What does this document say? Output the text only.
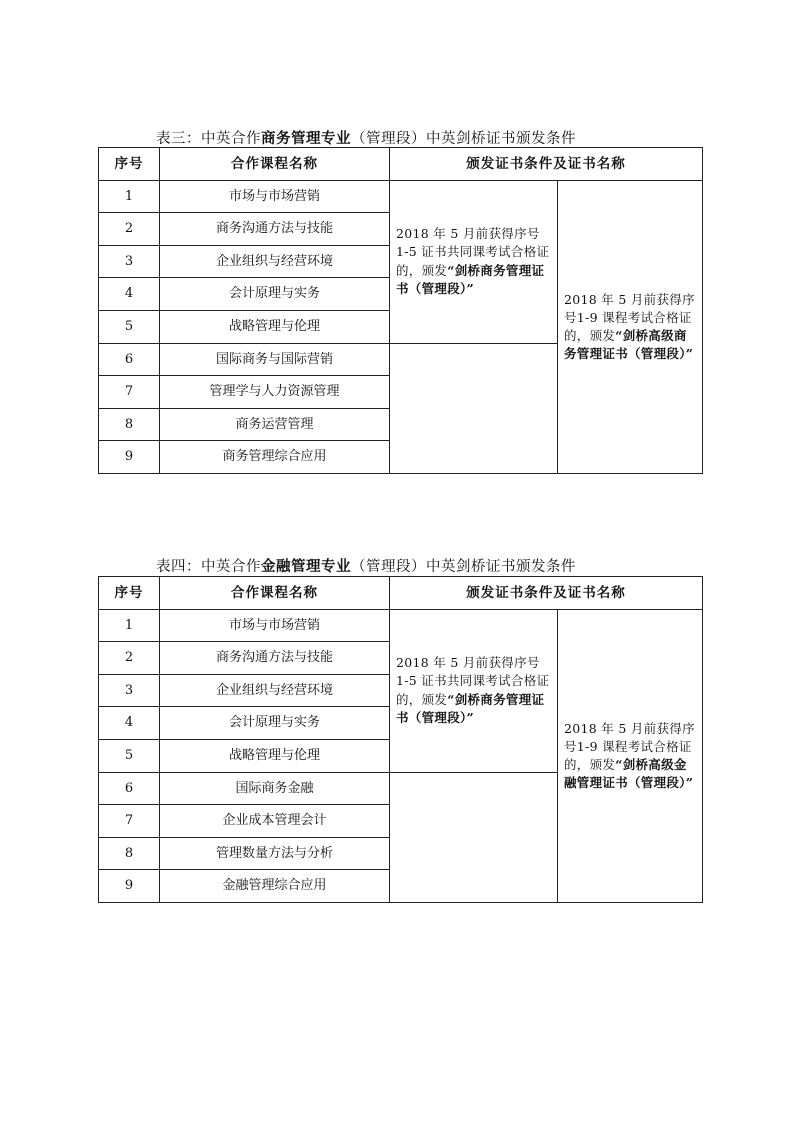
表三：中英合作商务管理专业（管理段）中英剑桥证书颁发条件
序号	合作课程名称	颁发证书条件及证书名称	
1	市场与市场营销	2018 年 5 月前获得序号1-5 证书共同课考试合格证的，颁发“剑桥商务管理证书（管理段）”	2018 年 5 月前获得序号1-9 课程考试合格证的，颁发“剑桥高级商务管理证书（管理段）”
2	商务沟通方法与技能		
3	企业组织与经营环境		
4	会计原理与实务		
5	战略管理与伦理		
6	国际商务与国际营销		
7	管理学与人力资源管理		
8	商务运营管理		
9	商务管理综合应用		
表四：中英合作金融管理专业（管理段）中英剑桥证书颁发条件
序号	合作课程名称	颁发证书条件及证书名称	
1	市场与市场营销	2018 年 5 月前获得序号1-5 证书共同课考试合格证的，颁发“剑桥商务管理证书（管理段）”	2018 年 5 月前获得序号1-9 课程考试合格证的，颁发“剑桥高级金融管理证书（管理段）”
2	商务沟通方法与技能		
3	企业组织与经营环境		
4	会计原理与实务		
5	战略管理与伦理		
6	国际商务金融		
7	企业成本管理会计		
8	管理数量方法与分析		
9	金融管理综合应用		
